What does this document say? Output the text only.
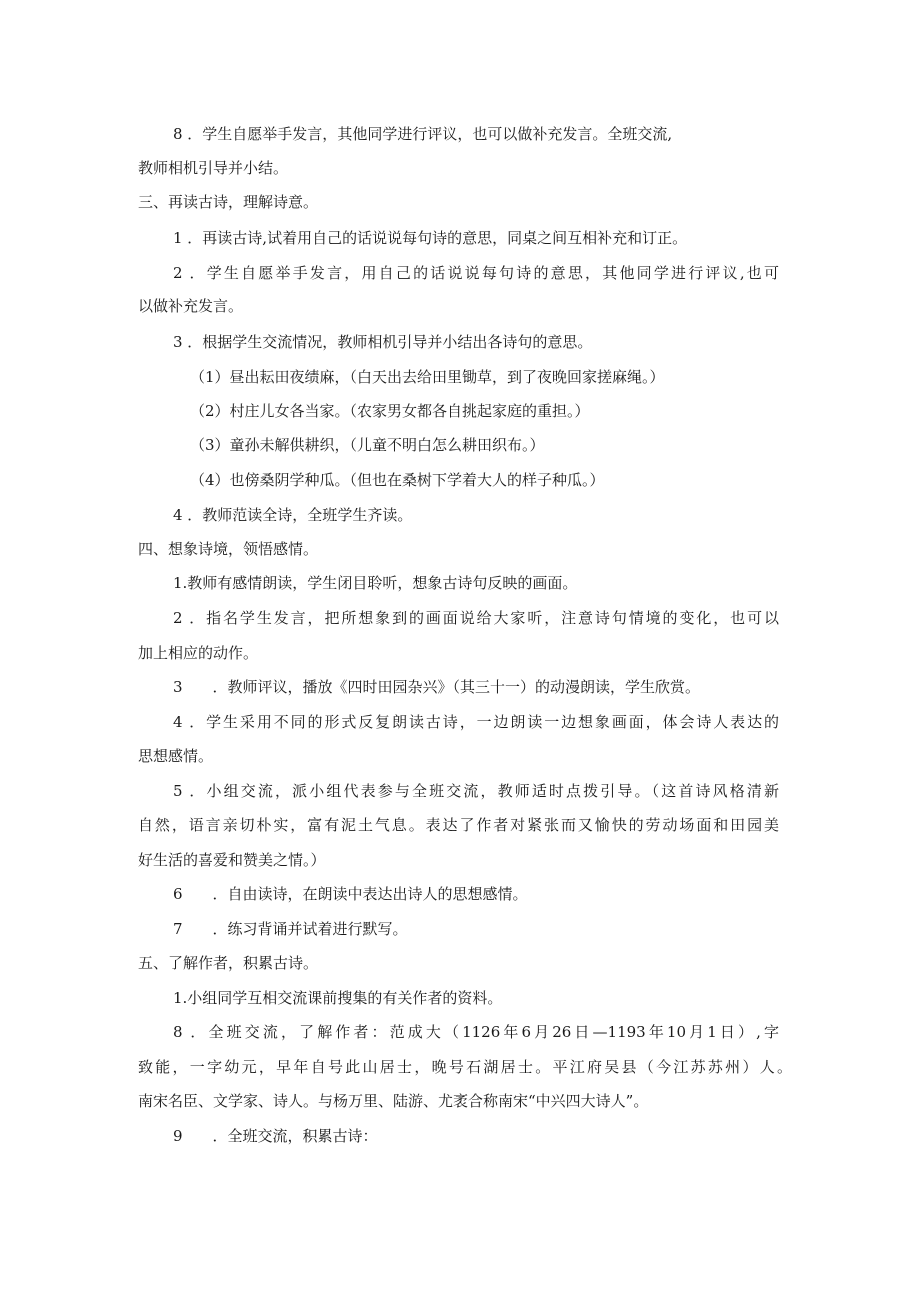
8 ．学生自愿举手发言，其他同学进行评议，也可以做补充发言。全班交流,
教师相机引导并小结。
三、再读古诗，理解诗意。
1 ．再读古诗,试着用自己的话说说每句诗的意思，同桌之间互相补充和订正。
2 ．学生自愿举手发言，用自己的话说说每句诗的意思，其他同学进行评议,也可
以做补充发言。
3 ．根据学生交流情况，教师相机引导并小结出各诗句的意思。
（1）昼出耘田夜绩麻，（白天出去给田里锄草，到了夜晚回家搓麻绳。）
（2）村庄儿女各当家。（农家男女都各自挑起家庭的重担。）
（3）童孙未解供耕织，（儿童不明白怎么耕田织布。）
（4）也傍桑阴学种瓜。（但也在桑树下学着大人的样子种瓜。）
4 ．教师范读全诗，全班学生齐读。
四、想象诗境，领悟感情。
1.教师有感情朗读，学生闭目聆听，想象古诗句反映的画面。
2 ．指名学生发言，把所想象到的画面说给大家听，注意诗句情境的变化，也可以
加上相应的动作。
3　　．教师评议，播放《四时田园杂兴》（其三十一）的动漫朗读，学生欣赏。
4 ．学生采用不同的形式反复朗读古诗，一边朗读一边想象画面，体会诗人表达的
思想感情。
5 ．小组交流，派小组代表参与全班交流，教师适时点拨引导。（这首诗风格清新
自然，语言亲切朴实，富有泥土气息。表达了作者对紧张而又愉快的劳动场面和田园美
好生活的喜爱和赞美之情。）
6　　．自由读诗，在朗读中表达出诗人的思想感情。
7　　．练习背诵并试着进行默写。
五、了解作者，积累古诗。
1.小组同学互相交流课前搜集的有关作者的资料。
8 ．全班交流，了解作者：范成大（1126年6月26日—1193年10月1日）,字
致能，一字幼元，早年自号此山居士，晚号石湖居士。平江府吴县（今江苏苏州）人。
南宋名臣、文学家、诗人。与杨万里、陆游、尤袤合称南宋“中兴四大诗人”。
9　　．全班交流，积累古诗：
